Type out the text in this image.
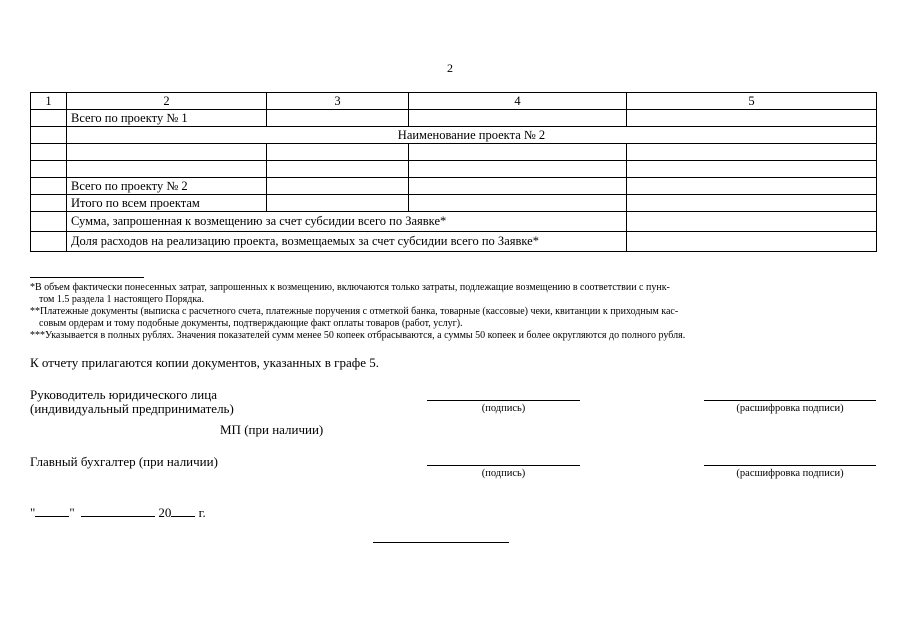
2
1	2	3	4	5
	Всего по проекту № 1			
	Наименование проекта № 2			

	Всего по проекту № 2			
	Итого по всем проектам			
	Сумма, запрошенная к возмещению за счет субсидии всего по Заявке*			
	Доля расходов на реализацию проекта, возмещаемых за счет субсидии всего по Заявке*			

*В объем фактически понесенных затрат, запрошенных к возмещению, включаются только затраты, подлежащие возмещению в соответствии с пунк-
том 1.5 раздела 1 настоящего Порядка.

**Платежные документы (выписка с расчетного счета, платежные поручения с отметкой банка, товарные (кассовые) чеки, квитанции к приходным кас-
совым ордерам и тому подобные документы, подтверждающие факт оплаты товаров (работ, услуг).

***Указывается в полных рублях. Значения показателей сумм менее 50 копеек отбрасываются, а суммы 50 копеек и более округляются до полного рубля.

К отчету прилагаются копии документов, указанных в графе 5.
Руководитель юридического лица
(индивидуальный предприниматель)	(подпись)	(расшифровка подписи)
МП (при наличии)
Главный бухгалтер (при наличии)
(подпись)	(расшифровка подписи)
"	"	20 г.
